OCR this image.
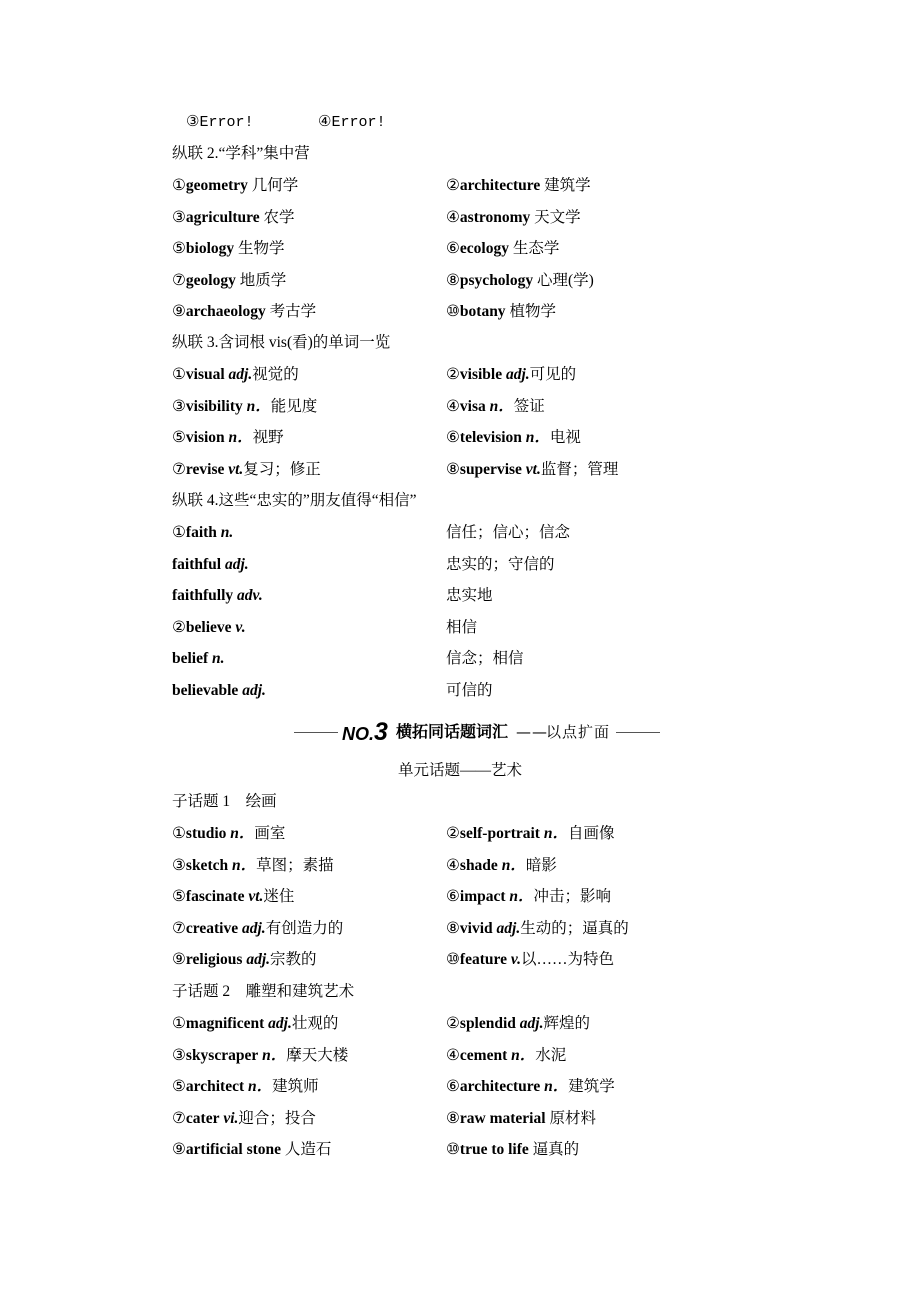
③Error!	④Error!
纵联 2.“学科”集中营
①geometry 几何学	②architecture 建筑学
③agriculture 农学	④astronomy 天文学
⑤biology 生物学	⑥ecology 生态学
⑦geology 地质学	⑧psychology 心理(学)
⑨archaeology 考古学	⑩botany 植物学
纵联 3.含词根 vis(看)的单词一览
①visual adj.视觉的	②visible adj.可见的
③visibility n．能见度	④visa n．签证
⑤vision n．视野	⑥television n．电视
⑦revise vt.复习；修正	⑧supervise vt.监督；管理
纵联 4.这些“忠实的”朋友值得“相信”
①faith n.	信任；信心；信念
faithful adj.	忠实的；守信的
faithfully adv.	忠实地
②believe v.	相信
belief n.	信念；相信
believable adj.	可信的
NO.3 横拓同话题词汇 ——
以点扩面
单元话题——艺术
子话题 1　绘画
①studio n．画室	②self-portrait n．自画像
③sketch n．草图；素描	④shade n．暗影
⑤fascinate vt.迷住	⑥impact n．冲击；影响
⑦creative adj.有创造力的	⑧vivid adj.生动的；逼真的
⑨religious adj.宗教的	⑩feature v.以……为特色
子话题 2　雕塑和建筑艺术
①magnificent adj.壮观的	②splendid adj.辉煌的
③skyscraper n．摩天大楼	④cement n．水泥
⑤architect n．建筑师	⑥architecture n．建筑学
⑦cater vi.迎合；投合	⑧raw material 原材料
⑨artificial stone 人造石	⑩true to life 逼真的
